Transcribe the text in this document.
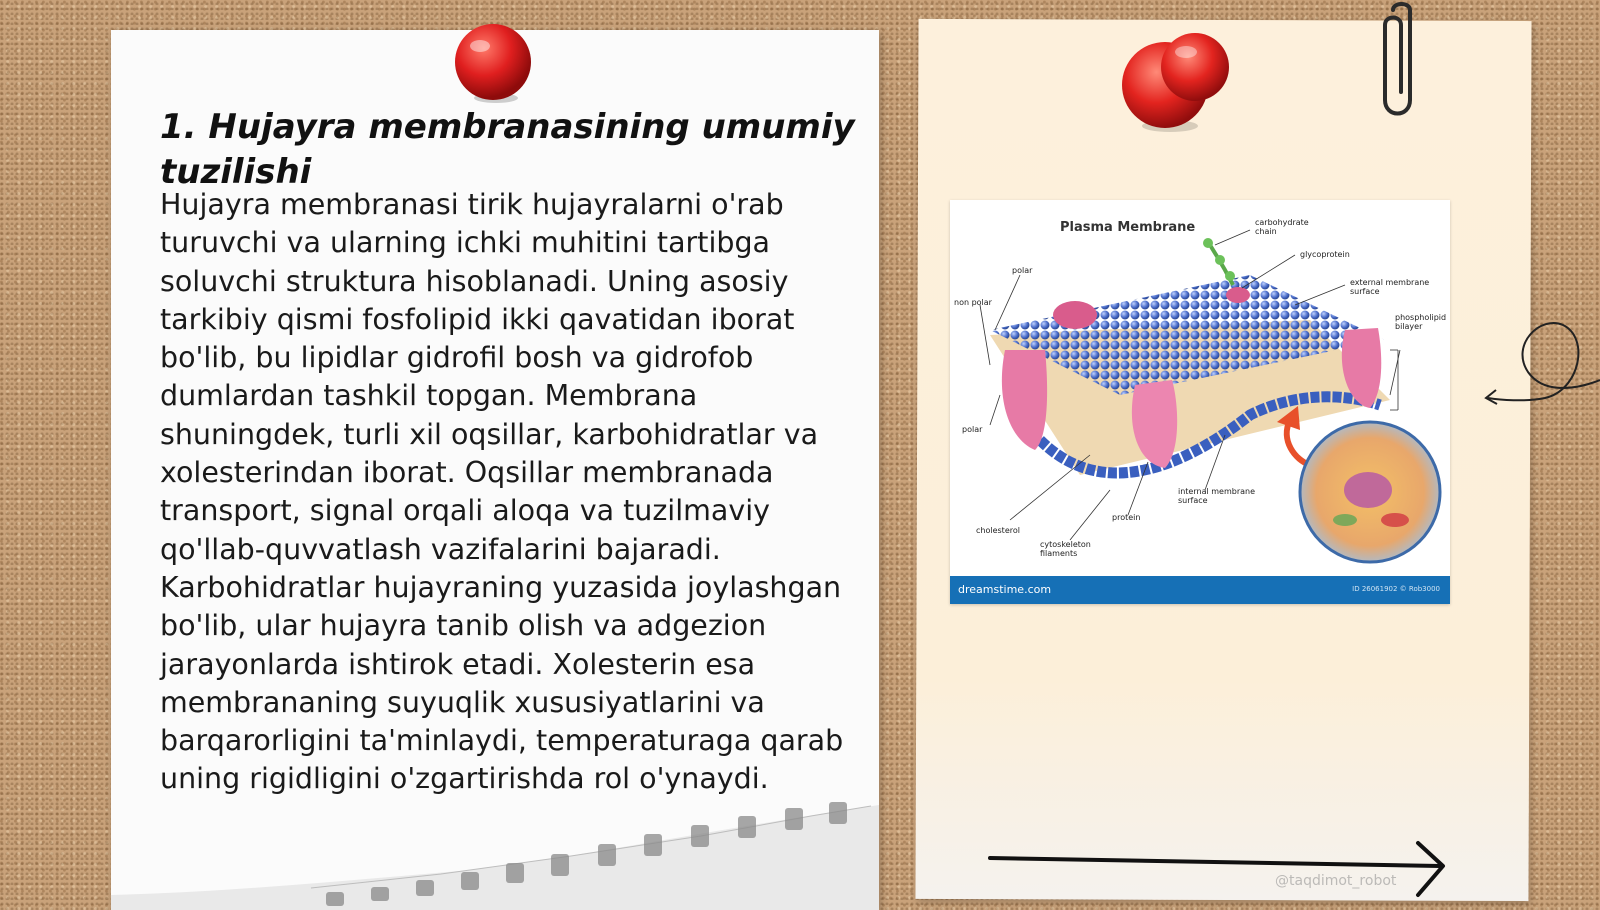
1. Hujayra membranasining umumiy tuzilishi

Hujayra membranasi tirik hujayralarni o'rab turuvchi va ularning ichki muhitini tartibga soluvchi struktura hisoblanadi. Uning asosiy tarkibiy qismi fosfolipid ikki qavatidan iborat bo'lib, bu lipidlar gidrofil bosh va gidrofob dumlardan tashkil topgan. Membrana shuningdek, turli xil oqsillar, karbohidratlar va xolesterindan iborat. Oqsillar membranada transport, signal orqali aloqa va tuzilmaviy qo'llab-quvvatlash vazifalarini bajaradi. Karbohidratlar hujayraning yuzasida joylashgan bo'lib, ular hujayra tanib olish va adgezion jarayonlarda ishtirok etadi. Xolesterin esa membrananing suyuqlik xususiyatlarini va barqarorligini ta'minlaydi, temperaturaga qarab uning rigidligini o'zgartirishda rol o'ynaydi.

Plasma Membrane	carbohydrate chain
glycoprotein
external membrane surface
phospholipid bilayer
polar
non polar
polar
cholesterol
cytoskeleton filaments
protein
internal membrane surface
dreamstime.com	ID 26061902 © Rob3000
@taqdimot_robot
